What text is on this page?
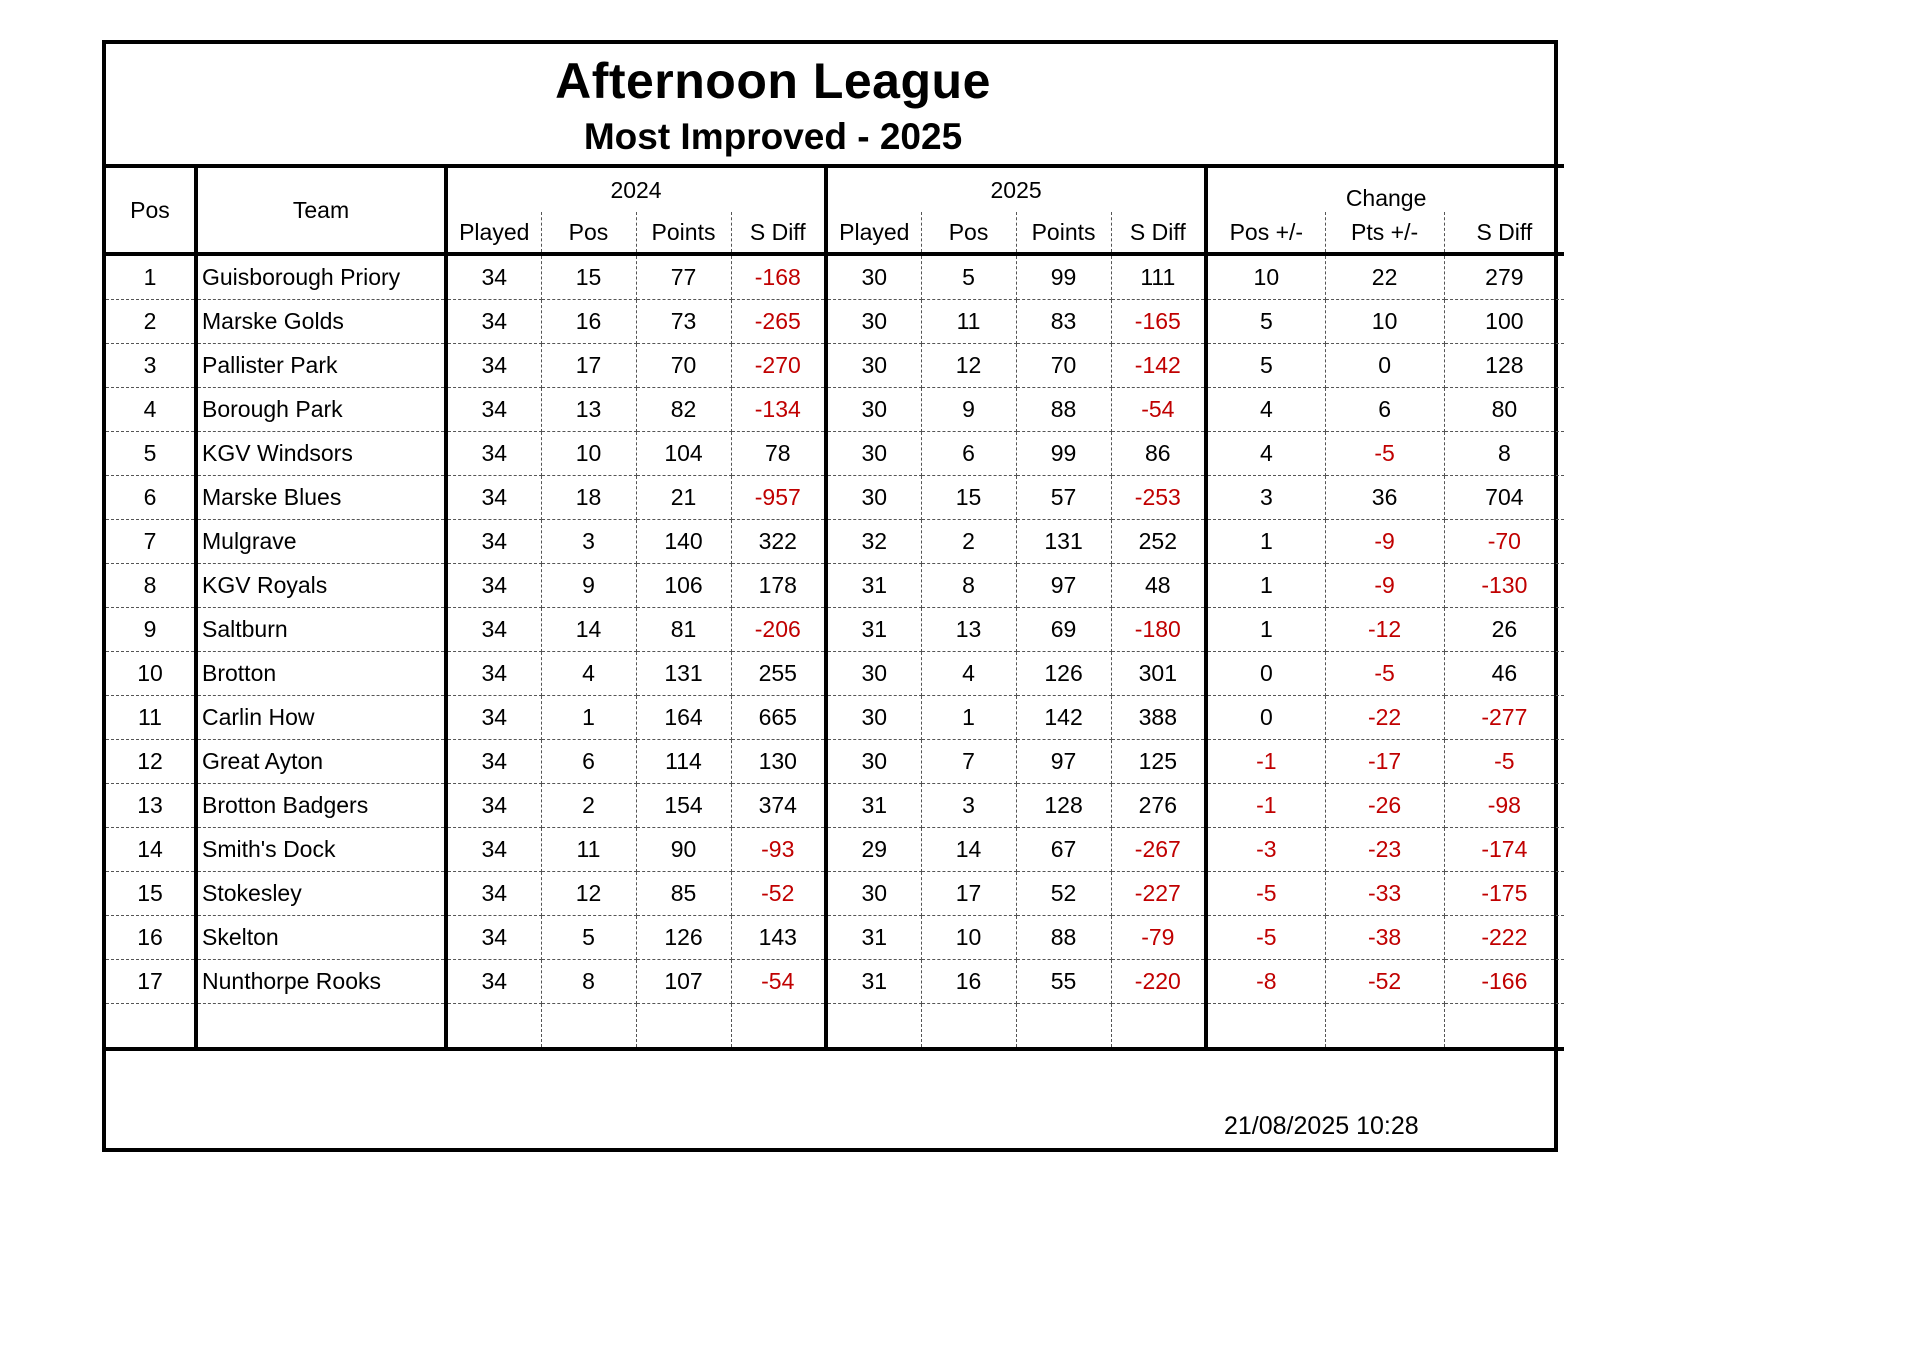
Afternoon League
Most Improved - 2025
Pos	Team	2024				2025				Change		
		Played	Pos	Points	S Diff	Played	Pos	Points	S Diff	Pos +/-	Pts +/-	S Diff
1	Guisborough Priory	34	15	77	-168	30	5	99	111	10	22	279
2	Marske Golds	34	16	73	-265	30	11	83	-165	5	10	100
3	Pallister Park	34	17	70	-270	30	12	70	-142	5	0	128
4	Borough Park	34	13	82	-134	30	9	88	-54	4	6	80
5	KGV Windsors	34	10	104	78	30	6	99	86	4	-5	8
6	Marske Blues	34	18	21	-957	30	15	57	-253	3	36	704
7	Mulgrave	34	3	140	322	32	2	131	252	1	-9	-70
8	KGV Royals	34	9	106	178	31	8	97	48	1	-9	-130
9	Saltburn	34	14	81	-206	31	13	69	-180	1	-12	26
10	Brotton	34	4	131	255	30	4	126	301	0	-5	46
11	Carlin How	34	1	164	665	30	1	142	388	0	-22	-277
12	Great Ayton	34	6	114	130	30	7	97	125	-1	-17	-5
13	Brotton Badgers	34	2	154	374	31	3	128	276	-1	-26	-98
14	Smith's Dock	34	11	90	-93	29	14	67	-267	-3	-23	-174
15	Stokesley	34	12	85	-52	30	17	52	-227	-5	-33	-175
16	Skelton	34	5	126	143	31	10	88	-79	-5	-38	-222
17	Nunthorpe Rooks	34	8	107	-54	31	16	55	-220	-8	-52	-166

21/08/2025 10:28
